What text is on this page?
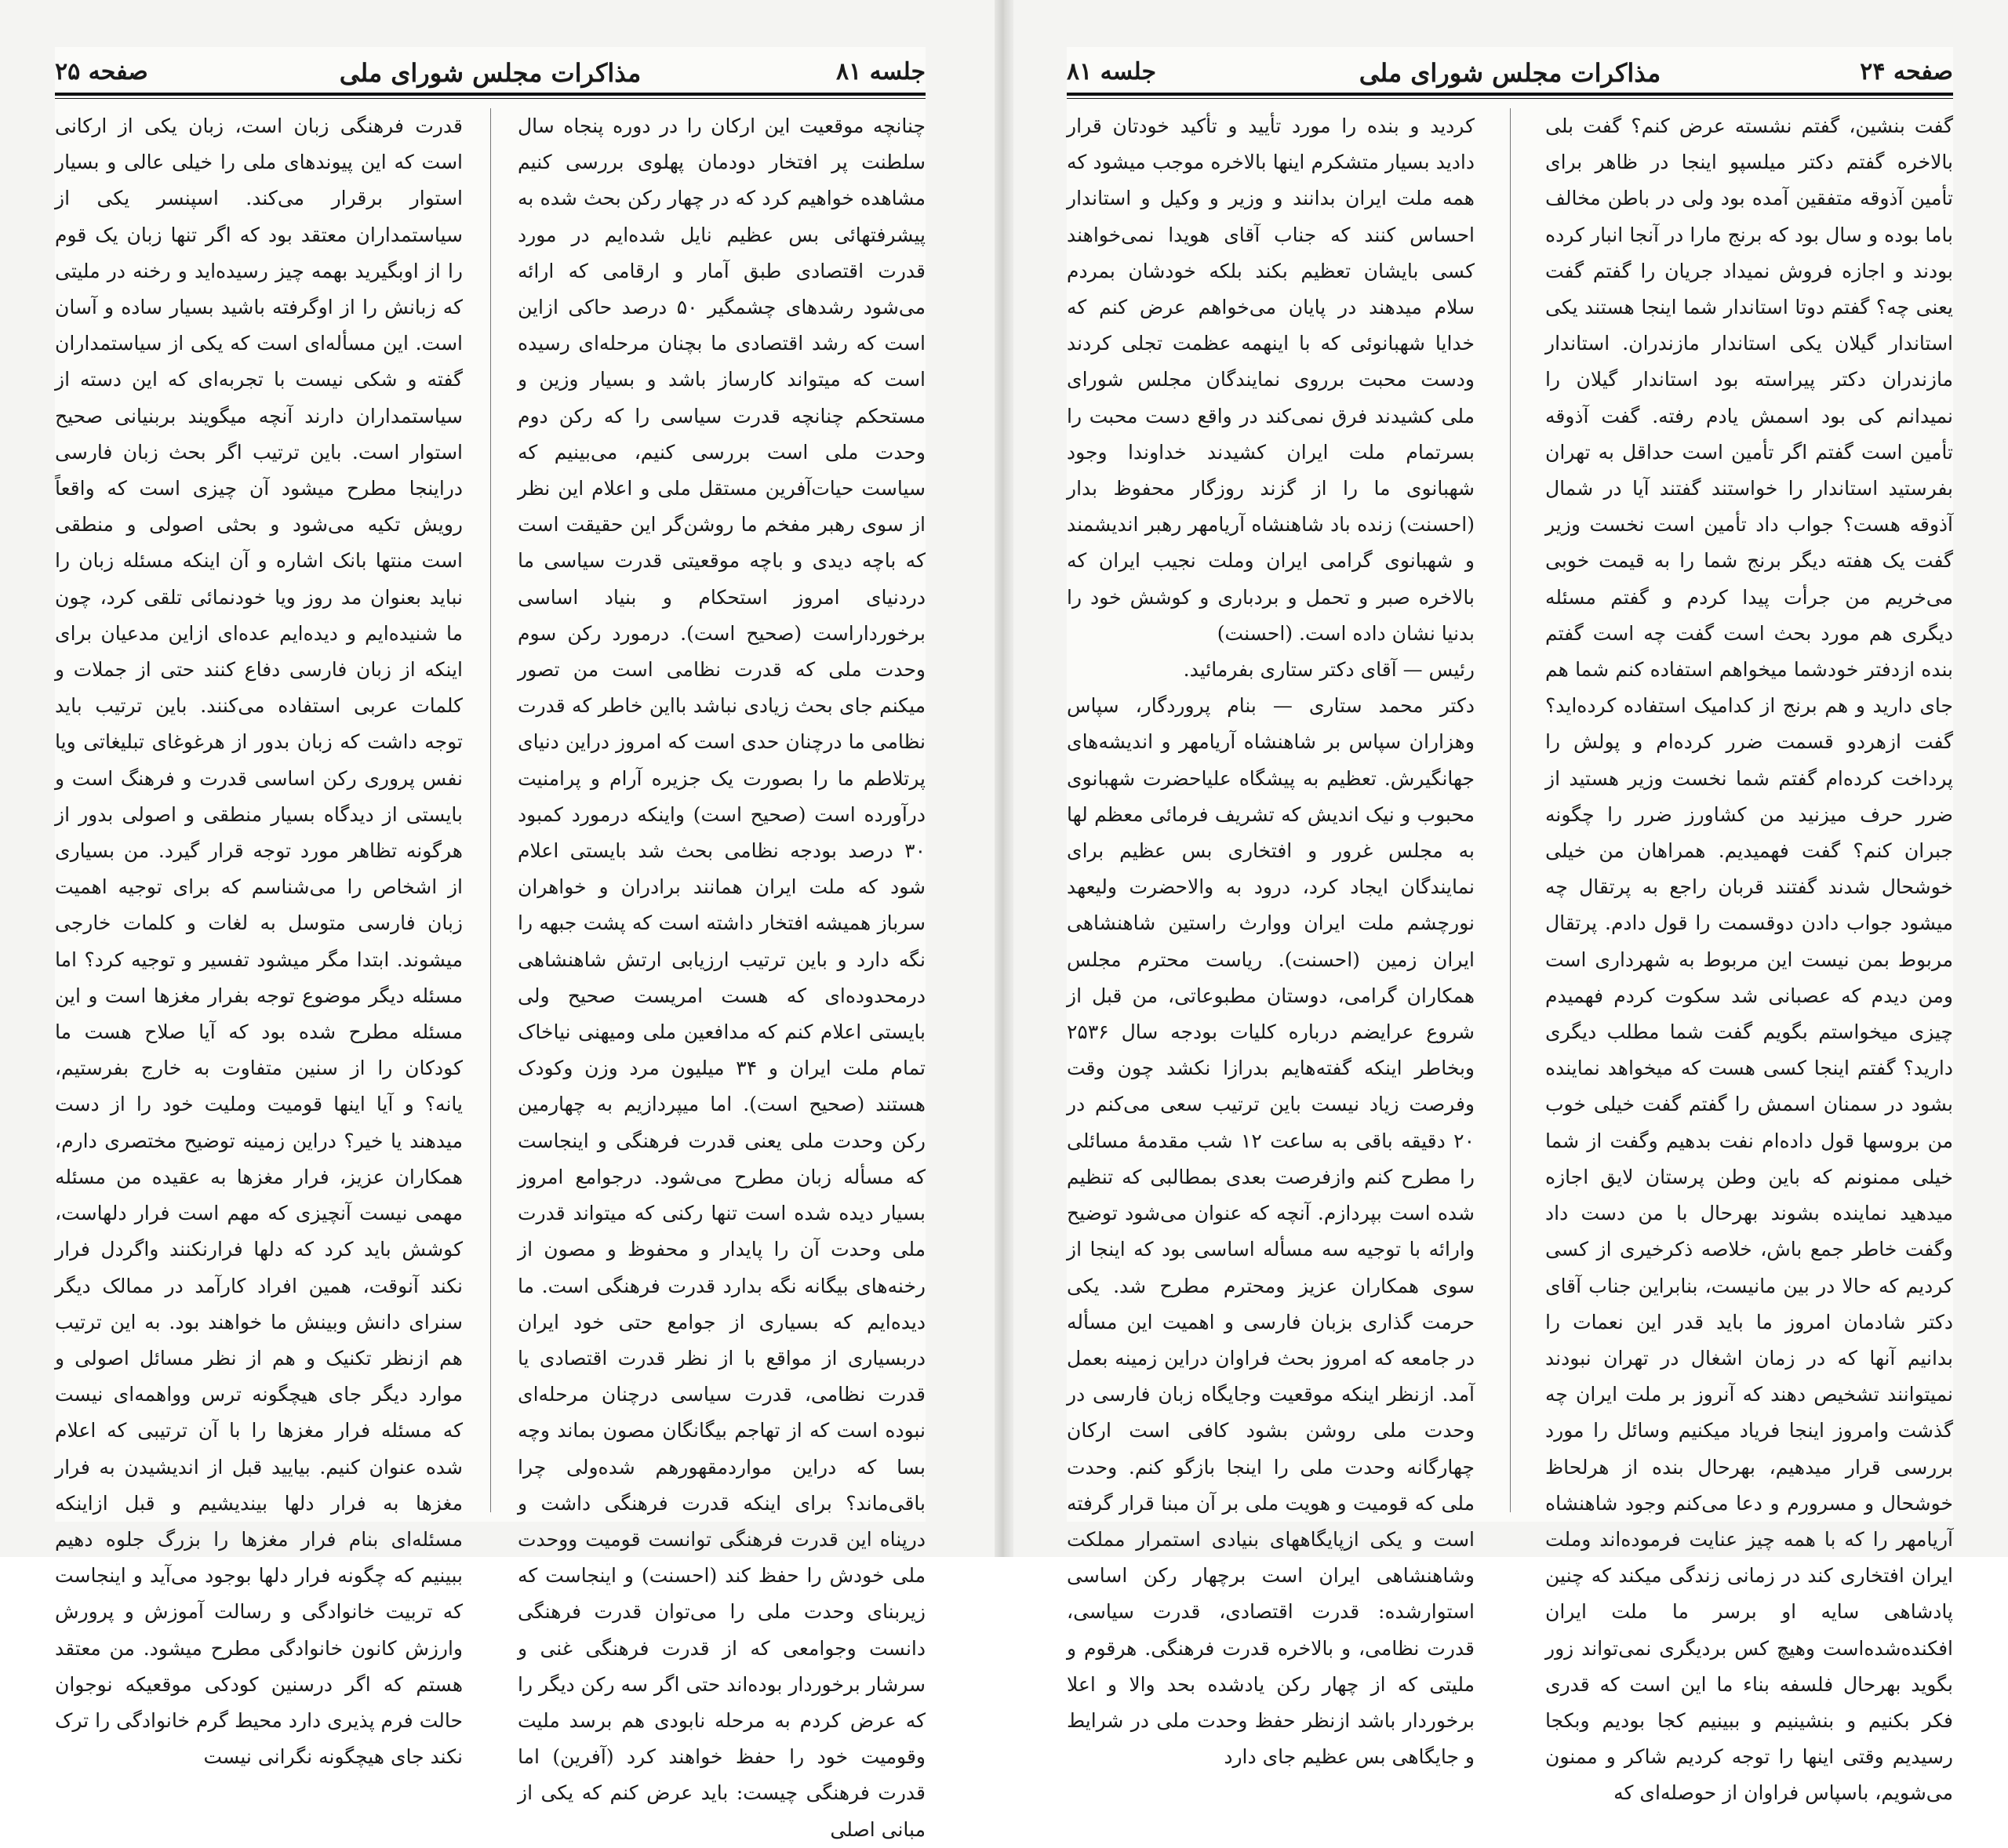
جلسه ۸۱
مذاکرات مجلس شورای ملی
صفحه ۲۵

چنانچه موقعیت این ارکان را در دوره پنجاه سال سلطنت پر افتخار دودمان پهلوی بررسی کنیم مشاهده خواهیم کرد که در چهار رکن بحث شده به پیشرفتهائی بس عظیم نایل شده‌ایم در مورد قدرت اقتصادی طبق آمار و ارقامی که ارائه می‌شود رشدهای چشمگیر ۵۰ درصد حاکی ازاین است که رشد اقتصادی ما بچنان مرحله‌ای رسیده است که میتواند کارساز باشد و بسیار وزین و مستحکم چنانچه قدرت سیاسی را که رکن دوم وحدت ملی است بررسی کنیم، می‌بینیم که سیاست حیات‌آفرین مستقل ملی و اعلام این نظر از سوی رهبر مفخم ما روشن‌گر این حقیقت است که باچه دیدی و باچه موقعیتی قدرت سیاسی ما دردنیای امروز استحکام و بنیاد اساسی برخورداراست (صحیح است). درمورد رکن سوم وحدت ملی که قدرت نظامی است من تصور میکنم جای بحث زیادی نباشد بااین خاطر که قدرت نظامی ما درچنان حدی است که امروز دراین دنیای پرتلاطم ما را بصورت یک جزیره آرام و پرامنیت درآورده است (صحیح است) واینکه درمورد کمبود ۳۰ درصد بودجه نظامی بحث شد بایستی اعلام شود که ملت ایران همانند برادران و خواهران سرباز همیشه افتخار داشته است که پشت جبهه را نگه دارد و باین ترتیب ارزیابی ارتش شاهنشاهی درمحدوده‌ای که هست امریست صحیح ولی بایستی اعلام کنم که مدافعین ملی ومیهنی نیاخاک تمام ملت ایران و ۳۴ میلیون مرد وزن وکودک هستند (صحیح است). اما میپردازیم به چهارمین رکن وحدت ملی یعنی قدرت فرهنگی و اینجاست که مسأله زبان مطرح می‌شود. درجوامع امروز بسیار دیده شده است تنها رکنی که میتواند قدرت ملی وحدت آن را پایدار و محفوظ و مصون از رخنه‌های بیگانه نگه بدارد قدرت فرهنگی است. ما دیده‌ایم که بسیاری از جوامع حتی خود ایران دربسیاری از مواقع با از نظر قدرت اقتصادی یا قدرت نظامی، قدرت سیاسی درچنان مرحله‌ای نبوده است که از تهاجم بیگانگان مصون بماند وچه بسا که دراین مواردمقهورهم شده‌ولی چرا باقی‌ماند؟ برای اینکه قدرت فرهنگی داشت و درپناه این قدرت فرهنگی توانست قومیت ووحدت ملی خودش را حفظ کند (احسنت) و اینجاست که زیربنای وحدت ملی را می‌توان قدرت فرهنگی دانست وجوامعی که از قدرت فرهنگی غنی و سرشار برخوردار بوده‌اند حتی اگر سه رکن دیگر را که عرض کردم به مرحله نابودی هم برسد ملیت وقومیت خود را حفظ خواهند کرد (آفرین) اما قدرت فرهنگی چیست: باید عرض کنم که یکی از مبانی اصلی

قدرت فرهنگی زبان است، زبان یکی از ارکانی است که این پیوندهای ملی را خیلی عالی و بسیار استوار برقرار می‌کند. اسپنسر یکی از سیاستمداران معتقد بود که اگر تنها زبان یک قوم را از اوبگیرید بهمه چیز رسیده‌اید و رخنه در ملیتی که زبانش را از اوگرفته باشید بسیار ساده و آسان است. این مسأله‌ای است که یکی از سیاستمداران گفته و شکی نیست با تجربه‌ای که این دسته از سیاستمداران دارند آنچه میگویند بربنیانی صحیح استوار است. باین ترتیب اگر بحث زبان فارسی دراینجا مطرح میشود آن چیزی است که واقعاً رویش تکیه می‌شود و بحثی اصولی و منطقی است منتها بانک اشاره و آن اینکه مسئله زبان را نباید بعنوان مد روز ویا خودنمائی تلقی کرد، چون ما شنیده‌ایم و دیده‌ایم عده‌ای ازاین مدعیان برای اینکه از زبان فارسی دفاع کنند حتی از جملات و کلمات عربی استفاده می‌کنند. باین ترتیب باید توجه داشت که زبان بدور از هرغوغای تبلیغاتی ویا نفس پروری رکن اساسی قدرت و فرهنگ است و بایستی از دیدگاه بسیار منطقی و اصولی بدور از هرگونه تظاهر مورد توجه قرار گیرد. من بسیاری از اشخاص را می‌شناسم که برای توجیه اهمیت زبان فارسی متوسل به لغات و کلمات خارجی میشوند. ابتدا مگر میشود تفسیر و توجیه کرد؟ اما مسئله دیگر موضوع توجه بفرار مغزها است و این مسئله مطرح شده بود که آیا صلاح هست ما کودکان را از سنین متفاوت به خارج بفرستیم، یانه؟ و آیا اینها قومیت وملیت خود را از دست میدهند یا خیر؟ دراین زمینه توضیح مختصری دارم، همکاران عزیز، فرار مغزها به عقیده من مسئله مهمی نیست آنچیزی که مهم است فرار دلهاست، کوشش باید کرد که دلها فرارنکنند واگردل فرار نکند آنوقت، همین افراد کارآمد در ممالک دیگر سنرای دانش وبینش ما خواهند بود. به این ترتیب هم ازنظر تکنیک و هم از نظر مسائل اصولی و موارد دیگر جای هیچگونه ترس وواهمه‌ای نیست که مسئله فرار مغزها را با آن ترتیبی که اعلام شده عنوان کنیم. بیایید قبل از اندیشیدن به فرار مغزها به فرار دلها بیندیشیم و قبل ازاینکه مسئله‌ای بنام فرار مغزها را بزرگ جلوه دهیم ببینیم که چگونه فرار دلها بوجود می‌آید و اینجاست که تربیت خانوادگی و رسالت آموزش و پرورش وارزش کانون خانوادگی مطرح میشود. من معتقد هستم که اگر درسنین کودکی موقعیکه نوجوان حالت فرم پذیری دارد محیط گرم خانوادگی را ترک نکند جای هیچگونه نگرانی نیست

صفحه ۲۴
مذاکرات مجلس شورای ملی
جلسه ۸۱

گفت بنشین، گفتم نشسته عرض کنم؟ گفت بلی بالاخره گفتم دکتر میلسپو اینجا در ظاهر برای تأمین آذوقه متفقین آمده بود ولی در باطن مخالف باما بوده و سال بود که برنج مارا در آنجا انبار کرده بودند و اجازه فروش نمیداد جریان را گفتم گفت یعنی چه؟ گفتم دوتا استاندار شما اینجا هستند یکی استاندار گیلان یکی استاندار مازندران. استاندار مازندران دکتر پیراسته بود استاندار گیلان را نمیدانم کی بود اسمش یادم رفته. گفت آذوقه تأمین است گفتم اگر تأمین است حداقل به تهران بفرستید استاندار را خواستند گفتند آیا در شمال آذوقه هست؟ جواب داد تأمین است نخست وزیر گفت یک هفته دیگر برنج شما را به قیمت خوبی می‌خریم من جرأت پیدا کردم و گفتم مسئله دیگری هم مورد بحث است گفت چه است گفتم بنده ازدفتر خودشما میخواهم استفاده کنم شما هم جای دارید و هم برنج از کدامیک استفاده کرده‌اید؟ گفت ازهردو قسمت ضرر کرده‌ام و پولش را پرداخت کرده‌ام گفتم شما نخست وزیر هستید از ضرر حرف میزنید من کشاورز ضرر را چگونه جبران کنم؟ گفت فهمیدیم. همراهان من خیلی خوشحال شدند گفتند قربان راجع به پرتقال چه میشود جواب دادن دوقسمت را قول دادم. پرتقال مربوط بمن نیست این مربوط به شهرداری است ومن دیدم که عصبانی شد سکوت کردم فهمیدم چیزی میخواستم بگویم گفت شما مطلب دیگری دارید؟ گفتم اینجا کسی هست که میخواهد نماینده بشود در سمنان اسمش را گفتم گفت خیلی خوب من بروسها قول داده‌ام نفت بدهیم وگفت از شما خیلی ممنونم که باین وطن پرستان لایق اجازه میدهید نماینده بشوند بهرحال با من دست داد وگفت خاطر جمع باش، خلاصه ذکرخیری از کسی کردیم که حالا در بین مانیست، بنابراین جناب آقای دکتر شادمان امروز ما باید قدر این نعمات را بدانیم آنها که در زمان اشغال در تهران نبودند نمیتوانند تشخیص دهند که آنروز بر ملت ایران چه گذشت وامروز اینجا فریاد میکنیم وسائل را مورد بررسی قرار میدهیم، بهرحال بنده از هرلحاظ خوشحال و مسرورم و دعا می‌کنم وجود شاهنشاه آریامهر را که با همه چیز عنایت فرموده‌اند وملت ایران افتخاری کند در زمانی زندگی میکند که چنین پادشاهی سایه او برسر ما ملت ایران افکنده‌شده‌است وهیچ کس بردیگری نمی‌تواند زور بگوید بهرحال فلسفه بناء ما این است که قدری فکر بکنیم و بنشینیم و ببینیم کجا بودیم وبکجا رسیدیم وقتی اینها را توجه کردیم شاکر و ممنون می‌شویم، باسپاس فراوان از حوصله‌ای که

کردید و بنده را مورد تأیید و تأکید خودتان قرار دادید بسیار متشکرم اینها بالاخره موجب میشود که همه ملت ایران بدانند و وزیر و وکیل و استاندار احساس کنند که جناب آقای هویدا نمی‌خواهند کسی بایشان تعظیم بکند بلکه خودشان بمردم سلام میدهند در پایان می‌خواهم عرض کنم که خدایا شهبانوئی که با اینهمه عظمت تجلی کردند ودست محبت برروی نمایندگان مجلس شورای ملی کشیدند فرق نمی‌کند در واقع دست محبت را بسرتمام ملت ایران کشیدند خداوندا وجود شهبانوی ما را از گزند روزگار محفوظ بدار (احسنت) زنده باد شاهنشاه آریامهر رهبر اندیشمند و شهبانوی گرامی ایران وملت نجیب ایران که بالاخره صبر و تحمل و بردباری و کوشش خود را بدنیا نشان داده است. (احسنت)
رئیس — آقای دکتر ستاری بفرمائید.
دکتر محمد ستاری — بنام پروردگار، سپاس وهزاران سپاس بر شاهنشاه آریامهر و اندیشه‌های جهانگیرش. تعظیم به پیشگاه علیاحضرت شهبانوی محبوب و نیک اندیش که تشریف فرمائی معظم لها به مجلس غرور و افتخاری بس عظیم برای نمایندگان ایجاد کرد، درود به والاحضرت ولیعهد نورچشم ملت ایران ووارث راستین شاهنشاهی ایران زمین (احسنت). ریاست محترم مجلس همکاران گرامی، دوستان مطبوعاتی، من قبل از شروع عرایضم درباره کلیات بودجه سال ۲۵۳۶ وبخاطر اینکه گفته‌هایم بدرازا نکشد چون وقت وفرصت زیاد نیست باین ترتیب سعی می‌کنم در ۲۰ دقیقه باقی به ساعت ۱۲ شب مقدمهٔ مسائلی را مطرح کنم وازفرصت بعدی بمطالبی که تنظیم شده است بپردازم. آنچه که عنوان می‌شود توضیح وارائه با توجیه سه مسأله اساسی بود که اینجا از سوی همکاران عزیز ومحترم مطرح شد. یکی حرمت گذاری بزبان فارسی و اهمیت این مسأله در جامعه که امروز بحث فراوان دراین زمینه بعمل آمد. ازنظر اینکه موقعیت وجایگاه زبان فارسی در وحدت ملی روشن بشود کافی است ارکان چهارگانه وحدت ملی را اینجا بازگو کنم. وحدت ملی که قومیت و هویت ملی بر آن مبنا قرار گرفته است و یکی ازپایگاههای بنیادی استمرار مملکت وشاهنشاهی ایران است برچهار رکن اساسی استوارشده: قدرت اقتصادی، قدرت سیاسی، قدرت نظامی، و بالاخره قدرت فرهنگی. هرقوم و ملیتی که از چهار رکن یادشده بحد والا و اعلا برخوردار باشد ازنظر حفظ وحدت ملی در شرایط و جایگاهی بس عظیم جای دارد
